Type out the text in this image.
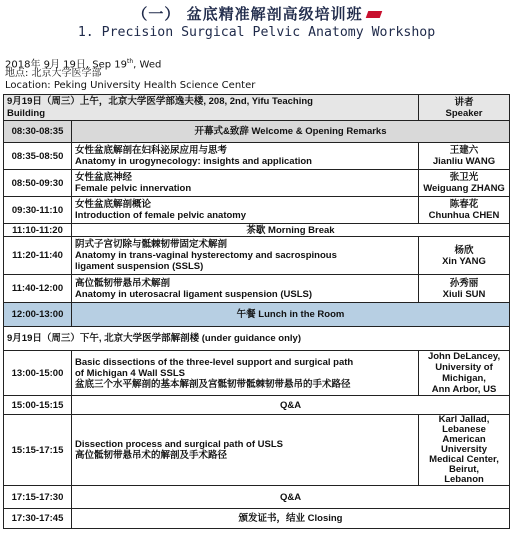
（一） 盆底精准解剖高级培训班
1. Precision Surgical Pelvic Anatomy Workshop
2018年 9月 19日, Sep 19th, Wed
地点: 北京大学医学部
Location: Peking University Health Science Center
9月19日（周三）上午，北京大学医学部逸夫楼, 208, 2nd, Yifu Teaching
Building		讲者
Speaker

08:30-08:35	开幕式&致辞 Welcome & Opening Remarks	
08:35-08:50	女性盆底解剖在妇科泌尿应用与思考
Anatomy in urogynecology: insights and application	王建六
Jianliu WANG

08:50-09:30	女性盆底神经
Female pelvic innervation	张卫光
Weiguang ZHANG

09:30-11:10	女性盆底解剖概论
Introduction of female pelvic anatomy	陈春花
Chunhua CHEN

11:10-11:20	茶歇 Morning Break	
11:20-11:40	阴式子宫切除与骶棘韧带固定术解剖
Anatomy in trans-vaginal hysterectomy and sacrospinous
ligament suspension (SSLS)	杨欣
Xin YANG

11:40-12:00	高位骶韧带悬吊术解剖
Anatomy in uterosacral ligament suspension (USLS)	孙秀丽
Xiuli SUN

12:00-13:00	午餐 Lunch in the Room	
9月19日（周三）下午, 北京大学医学部解剖楼 (under guidance only)		
13:00-15:00	Basic dissections of the three-level support and surgical path
of Michigan 4 Wall SSLS
盆底三个水平解剖的基本解剖及宫骶韧带骶棘韧带悬吊的手术路径	John DeLancey,
University of Michigan,
Ann Arbor, US

15:00-15:15	Q&A	
15:15-17:15	Dissection process and surgical path of USLS
高位骶韧带悬吊术的解剖及手术路径	Karl Jallad, Lebanese
American University
Medical Center, Beirut,
Lebanon

17:15-17:30	Q&A	
17:30-17:45	颁发证书，结业 Closing	
